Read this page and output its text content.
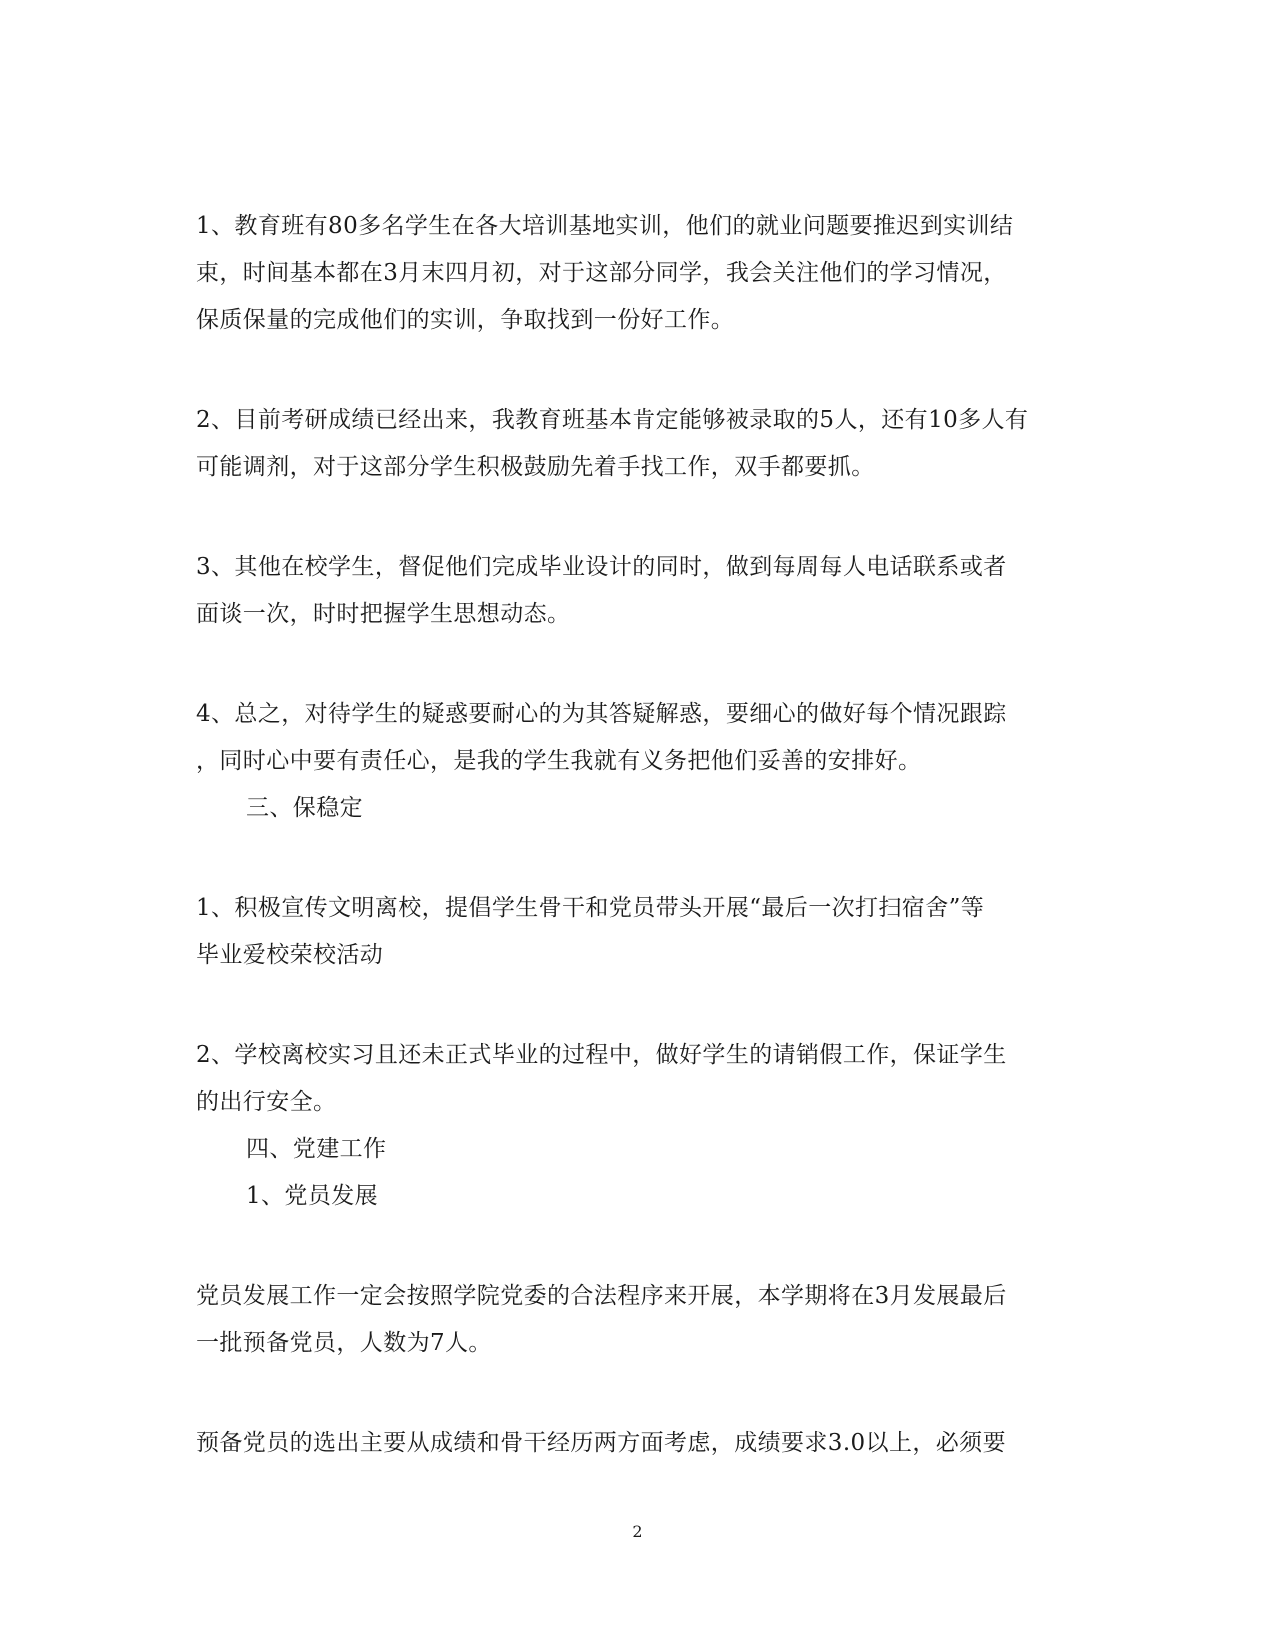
1、教育班有80多名学生在各大培训基地实训，他们的就业问题要推迟到实训结
束，时间基本都在3月末四月初，对于这部分同学，我会关注他们的学习情况，
保质保量的完成他们的实训，争取找到一份好工作。
2、目前考研成绩已经出来，我教育班基本肯定能够被录取的5人，还有10多人有
可能调剂，对于这部分学生积极鼓励先着手找工作，双手都要抓。
3、其他在校学生，督促他们完成毕业设计的同时，做到每周每人电话联系或者
面谈一次，时时把握学生思想动态。
4、总之，对待学生的疑惑要耐心的为其答疑解惑，要细心的做好每个情况跟踪
，同时心中要有责任心，是我的学生我就有义务把他们妥善的安排好。
三、保稳定
1、积极宣传文明离校，提倡学生骨干和党员带头开展“最后一次打扫宿舍”等
毕业爱校荣校活动
2、学校离校实习且还未正式毕业的过程中，做好学生的请销假工作，保证学生
的出行安全。
四、党建工作
1、党员发展
党员发展工作一定会按照学院党委的合法程序来开展，本学期将在3月发展最后
一批预备党员，人数为7人。
预备党员的选出主要从成绩和骨干经历两方面考虑，成绩要求3.0以上，必须要
2
